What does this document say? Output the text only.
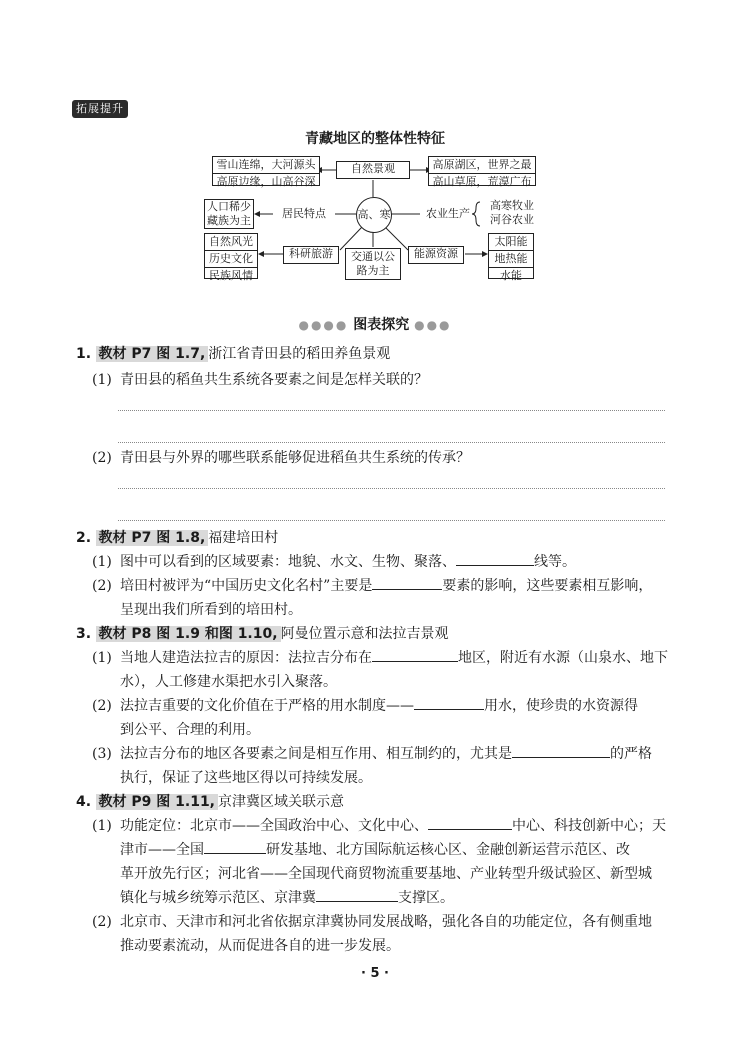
拓展提升
青藏地区的整体性特征
雪山连绵，大河源头
高原边缘，山高谷深
自然景观	高原湖区，世界之最
高山草原，荒漠广布
人口稀少
藏族为主
居民特点	高、寒	农业生产
高寒牧业
河谷农业
自然风光
历史文化
民族风情
科研旅游	交通以公
路为主
能源资源
太阳能
地热能
水能
●●●● 图表探究 ●●●
1. 教材 P7 图 1.7, 浙江省青田县的稻田养鱼景观
(1) 青田县的稻鱼共生系统各要素之间是怎样关联的？
(2) 青田县与外界的哪些联系能够促进稻鱼共生系统的传承？
2. 教材 P7 图 1.8, 福建培田村
(1) 图中可以看到的区域要素：地貌、水文、生物、聚落、	线等。
(2) 培田村被评为“中国历史文化名村”主要是	要素的影响，这些要素相互影响，
呈现出我们所看到的培田村。
3. 教材 P8 图 1.9 和图 1.10, 阿曼位置示意和法拉吉景观
(1) 当地人建造法拉吉的原因：法拉吉分布在	地区，附近有水源（山泉水、地下
水），人工修建水渠把水引入聚落。
(2) 法拉吉重要的文化价值在于严格的用水制度——	用水，使珍贵的水资源得
到公平、合理的利用。
(3) 法拉吉分布的地区各要素之间是相互作用、相互制约的，尤其是	的严格
执行，保证了这些地区得以可持续发展。
4. 教材 P9 图 1.11, 京津冀区域关联示意
(1) 功能定位：北京市——全国政治中心、文化中心、	中心、科技创新中心；天
津市——全国	研发基地、北方国际航运核心区、金融创新运营示范区、改
革开放先行区；河北省——全国现代商贸物流重要基地、产业转型升级试验区、新型城
镇化与城乡统筹示范区、京津冀	支撑区。
(2) 北京市、天津市和河北省依据京津冀协同发展战略，强化各自的功能定位，各有侧重地
推动要素流动，从而促进各自的进一步发展。
· 5 ·
